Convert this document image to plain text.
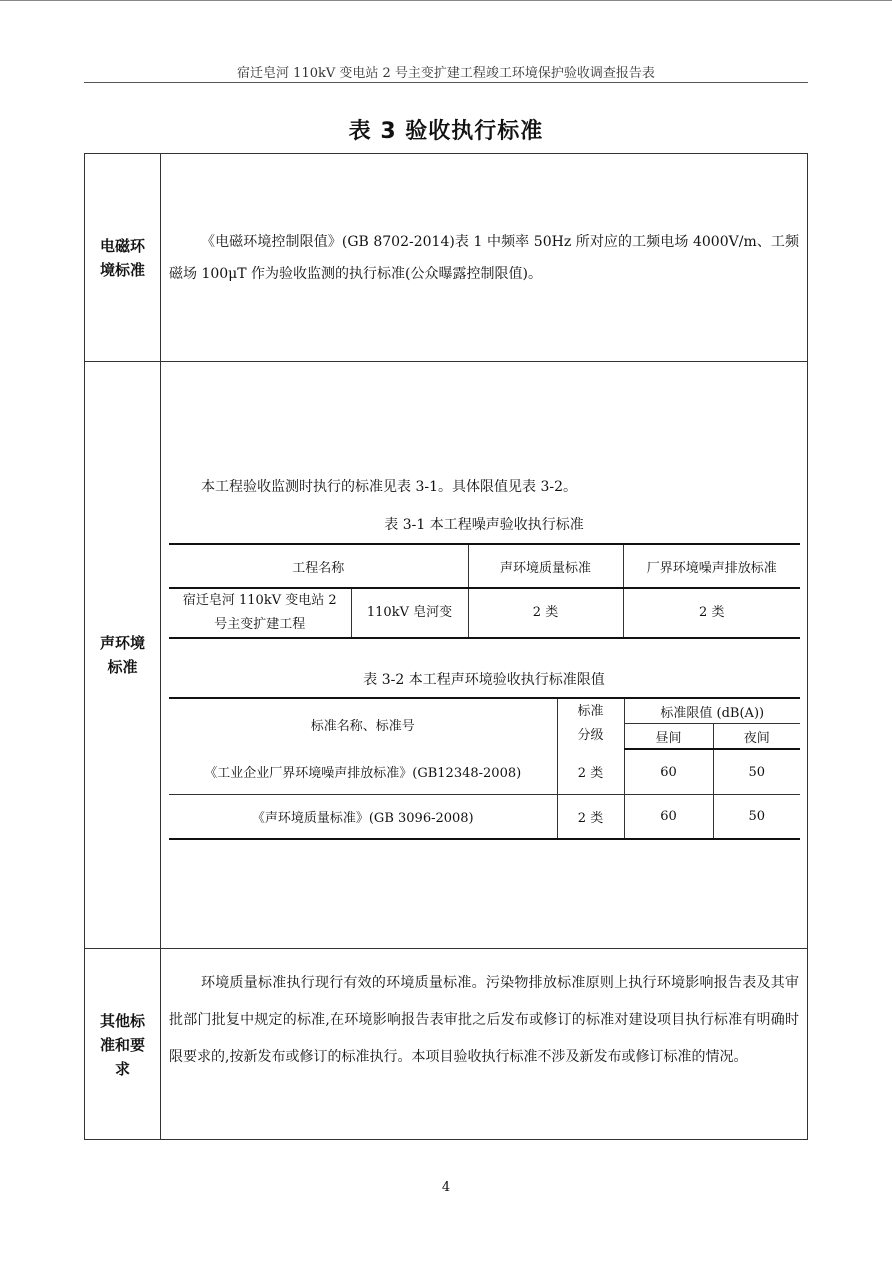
宿迁皂河 110kV 变电站 2 号主变扩建工程竣工环境保护验收调查报告表
表 3 验收执行标准
电磁环境标准
《电磁环境控制限值》(GB 8702-2014)表 1 中频率 50Hz 所对应的工频电场 4000V/m、工频磁场 100μT 作为验收监测的执行标准(公众曝露控制限值)。
声环境标准
本工程验收监测时执行的标准见表 3-1。具体限值见表 3-2。
表 3-1 本工程噪声验收执行标准
工程名称		声环境质量标准	厂界环境噪声排放标准
宿迁皂河 110kV 变电站 2 号主变扩建工程	110kV 皂河变	2 类	2 类
表 3-2 本工程声环境验收执行标准限值
标准名称、标准号	标准分级	标准限值 (dB(A))	
		昼间	夜间
《工业企业厂界环境噪声排放标准》(GB12348-2008)	2 类	60	50
《声环境质量标准》(GB 3096-2008)	2 类	60	50
其他标准和要求
环境质量标准执行现行有效的环境质量标准。污染物排放标准原则上执行环境影响报告表及其审批部门批复中规定的标准,在环境影响报告表审批之后发布或修订的标准对建设项目执行标准有明确时限要求的,按新发布或修订的标准执行。本项目验收执行标准不涉及新发布或修订标准的情况。
4
